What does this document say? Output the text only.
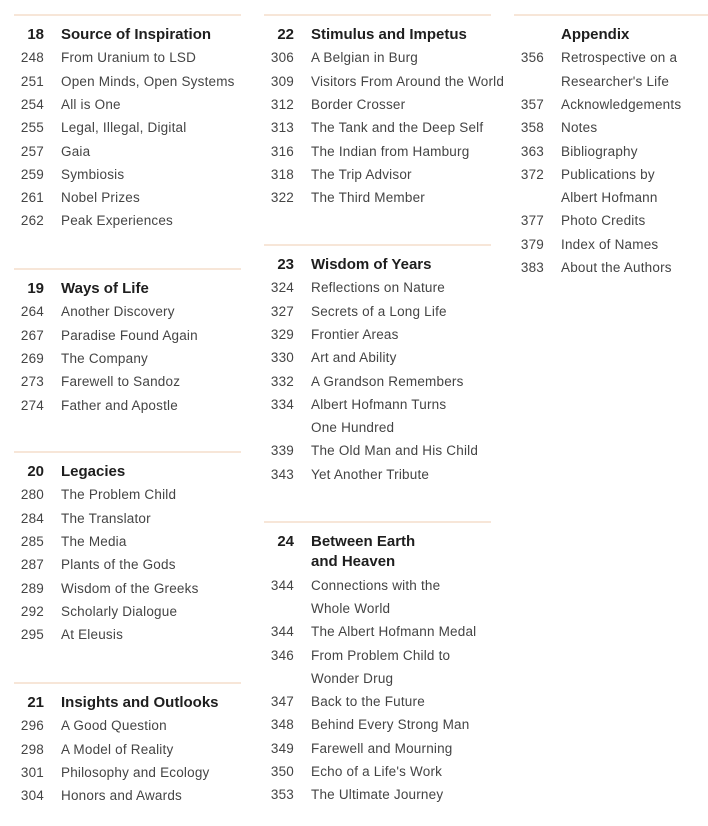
18 Source of Inspiration
248 From Uranium to LSD
251 Open Minds, Open Systems
254 All is One
255 Legal, Illegal, Digital
257 Gaia
259 Symbiosis
261 Nobel Prizes
262 Peak Experiences
19 Ways of Life
264 Another Discovery
267 Paradise Found Again
269 The Company
273 Farewell to Sandoz
274 Father and Apostle
20 Legacies
280 The Problem Child
284 The Translator
285 The Media
287 Plants of the Gods
289 Wisdom of the Greeks
292 Scholarly Dialogue
295 At Eleusis
21 Insights and Outlooks
296 A Good Question
298 A Model of Reality
301 Philosophy and Ecology
304 Honors and Awards
22 Stimulus and Impetus
306 A Belgian in Burg
309 Visitors From Around the World
312 Border Crosser
313 The Tank and the Deep Self
316 The Indian from Hamburg
318 The Trip Advisor
322 The Third Member
23 Wisdom of Years
324 Reflections on Nature
327 Secrets of a Long Life
329 Frontier Areas
330 Art and Ability
332 A Grandson Remembers
334 Albert Hofmann Turns
One Hundred
339 The Old Man and His Child
343 Yet Another Tribute
24 Between Earth
and Heaven
344 Connections with the
Whole World
344 The Albert Hofmann Medal
346 From Problem Child to
Wonder Drug
347 Back to the Future
348 Behind Every Strong Man
349 Farewell and Mourning
350 Echo of a Life's Work
353 The Ultimate Journey
Appendix
356 Retrospective on a
Researcher's Life
357 Acknowledgements
358 Notes
363 Bibliography
372 Publications by
Albert Hofmann
377 Photo Credits
379 Index of Names
383 About the Authors
